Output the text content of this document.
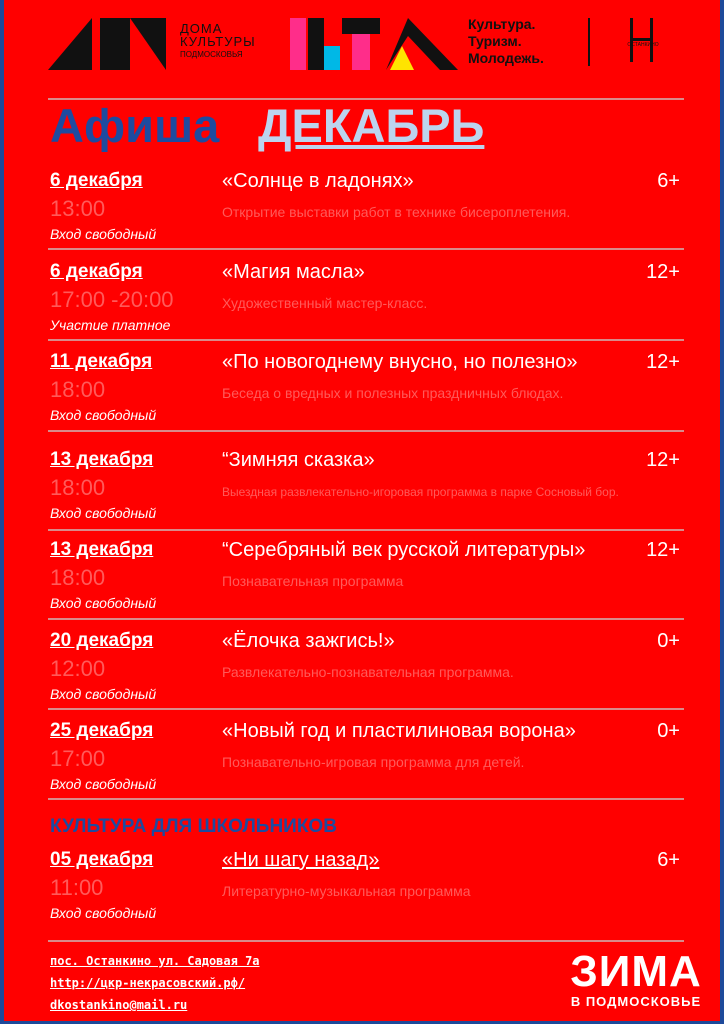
ДОМА
КУЛЬТУРЫ
ПОДМОСКОВЬЯ
Культура.
Туризм.
Молодежь.
ОСТАНКИНО
Афиша ДЕКАБРЬ
6 декабря
13:00
Вход свободный
«Солнце в ладонях»
Открытие выставки работ в технике бисероплетения.
6+
6 декабря
17:00 -20:00
Участие платное
«Магия масла»
Художественный мастер-класс.
12+
11 декабря
18:00
Вход свободный
«По новогоднему внусно, но полезно»
Беседа о вредных и полезных праздничных блюдах.
12+
13 декабря
18:00
Вход свободный
“Зимняя сказка»
Выездная развлекательно-игоровая программа в парке Сосновый бор.
12+
13 декабря
18:00
Вход свободный
“Серебряный век русской литературы»
Познавательная программа
12+
20 декабря
12:00
Вход свободный
«Ёлочка зажгись!»
Развлекательно-познавательная программа.
0+
25 декабря
17:00
Вход свободный
«Новый год и пластилиновая ворона»
Познавательно-игровая программа для детей.
0+
КУЛЬТУРА ДЛЯ ШКОЛЬНИКОВ
05 декабря
11:00
Вход свободный
«Ни шагу назад»
Литературно-музыкальная программа
6+
пос. Останкино ул. Садовая 7а
http://цкр-некрасовский.рф/
dkostankino@mail.ru
ЗИМА
В ПОДМОСКОВЬЕ
